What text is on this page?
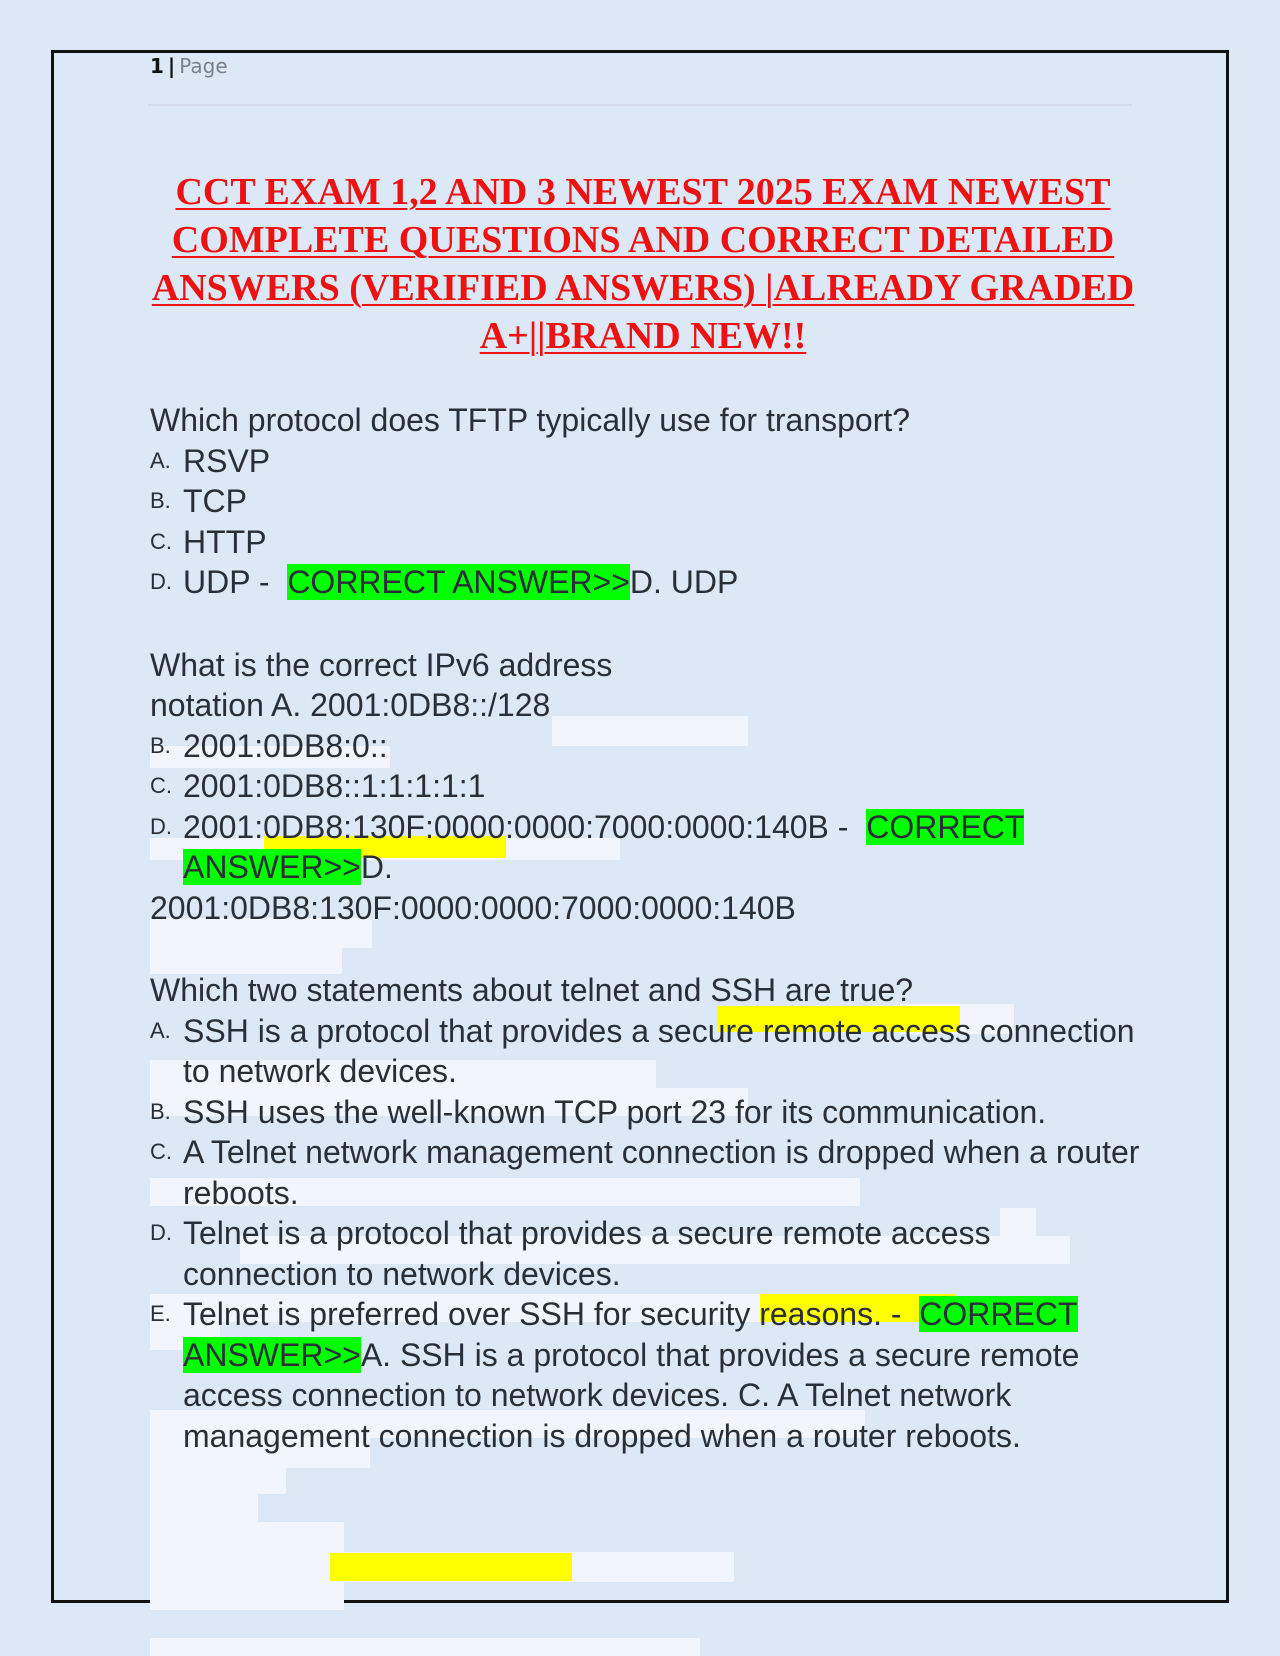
1 | Page
CCT EXAM 1,2 AND 3 NEWEST 2025 EXAM NEWEST COMPLETE QUESTIONS AND CORRECT DETAILED ANSWERS (VERIFIED ANSWERS) |ALREADY GRADED A+||BRAND NEW!!

Which protocol does TFTP typically use for transport?

A. RSVP
B. TCP
C. HTTP
D. UDP -  CORRECT ANSWER>>D. UDP

What is the correct IPv6 address

notation A. 2001:0DB8::/128

B. 2001:0DB8:0::
C. 2001:0DB8::1:1:1:1:1
D. 2001:0DB8:130F:0000:0000:7000:0000:140B -  CORRECT
ANSWER>>D.

2001:0DB8:130F:0000:0000:7000:0000:140B

Which two statements about telnet and SSH are true?

A. SSH is a protocol that provides a secure remote access connection to network devices.
B. SSH uses the well-known TCP port 23 for its communication.
C. A Telnet network management connection is dropped when a router reboots.
D. Telnet is a protocol that provides a secure remote access connection to network devices.
E. Telnet is preferred over SSH for security reasons. -  CORRECT
ANSWER>>A. SSH is a protocol that provides a secure remote access connection to network devices. C. A Telnet network management connection is dropped when a router reboots.
